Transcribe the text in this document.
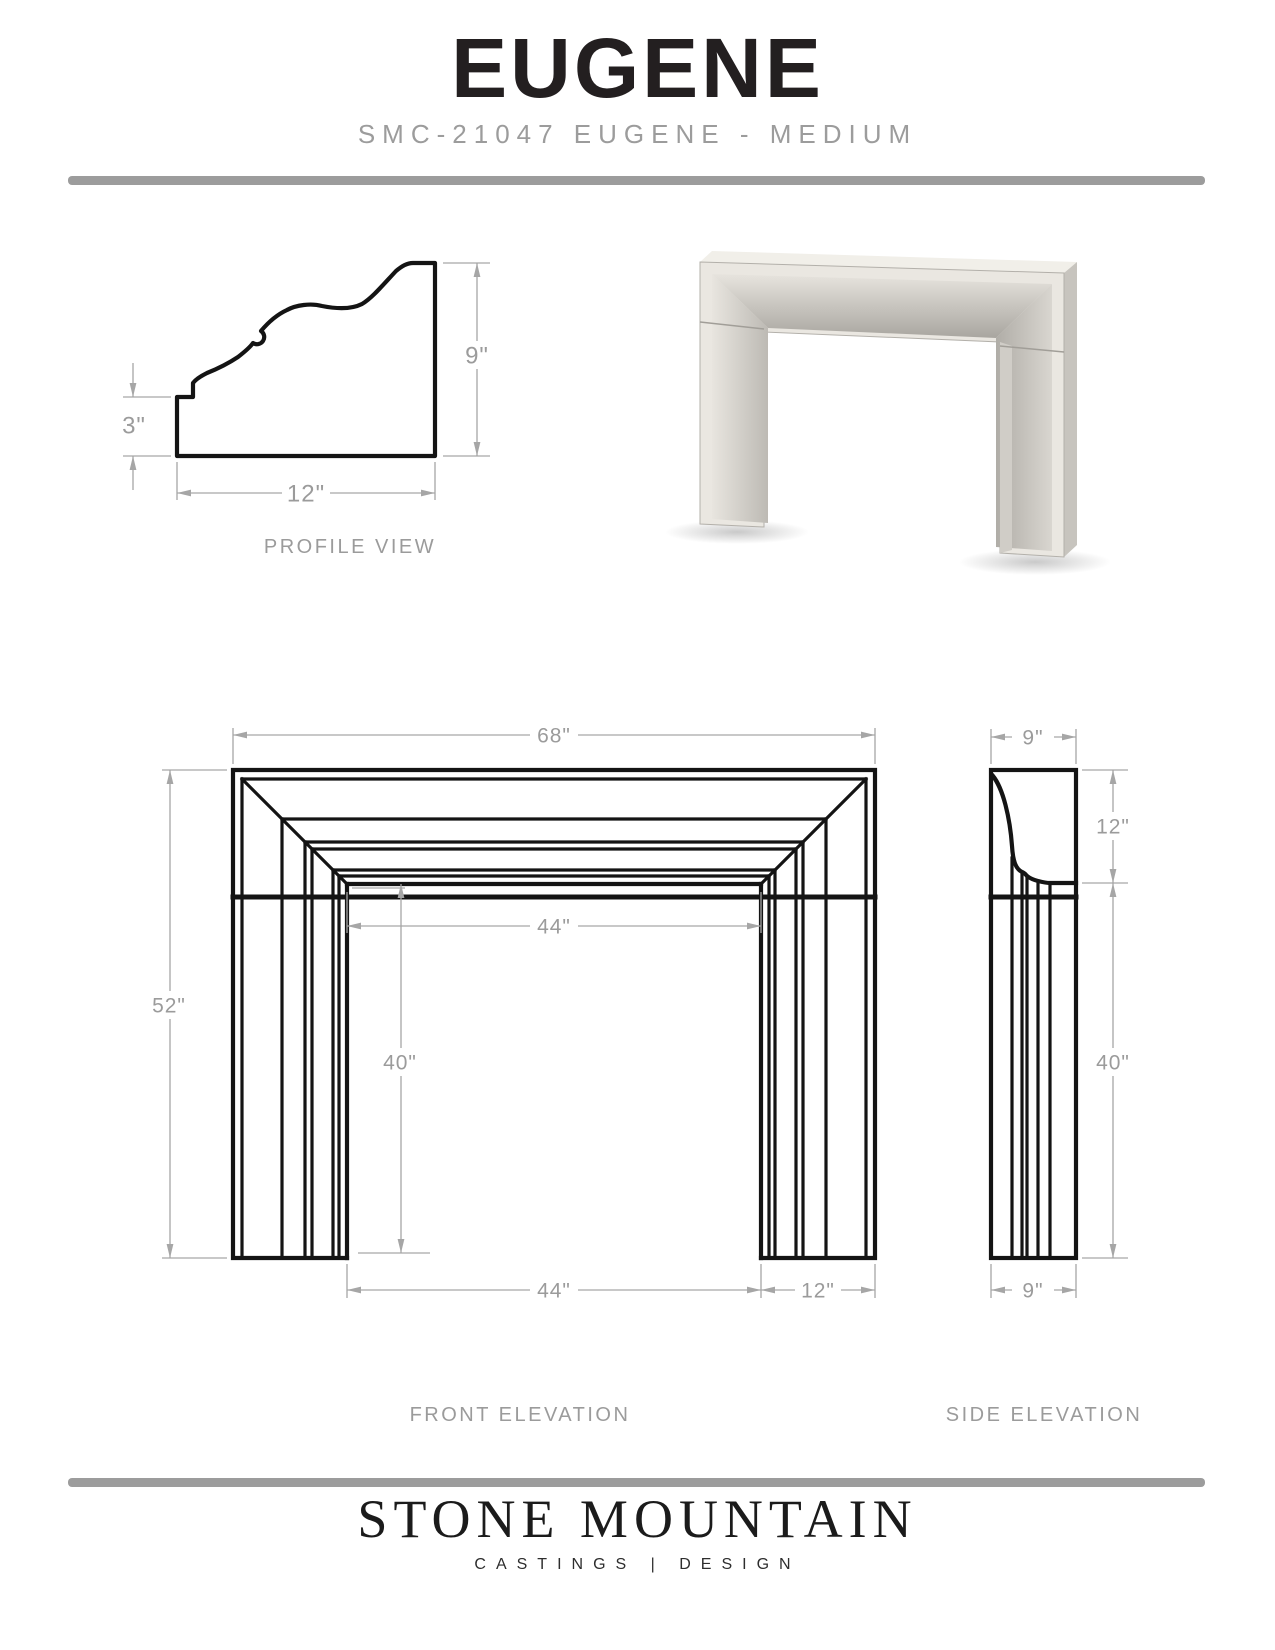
EUGENE
SMC-21047 EUGENE - MEDIUM
9"
3"
12"
68"
52"
44"
40"
44"	12"
9"
12"
40"
9"
PROFILE VIEW
FRONT ELEVATION	SIDE ELEVATION
STONE MOUNTAIN
CASTINGS | DESIGN
